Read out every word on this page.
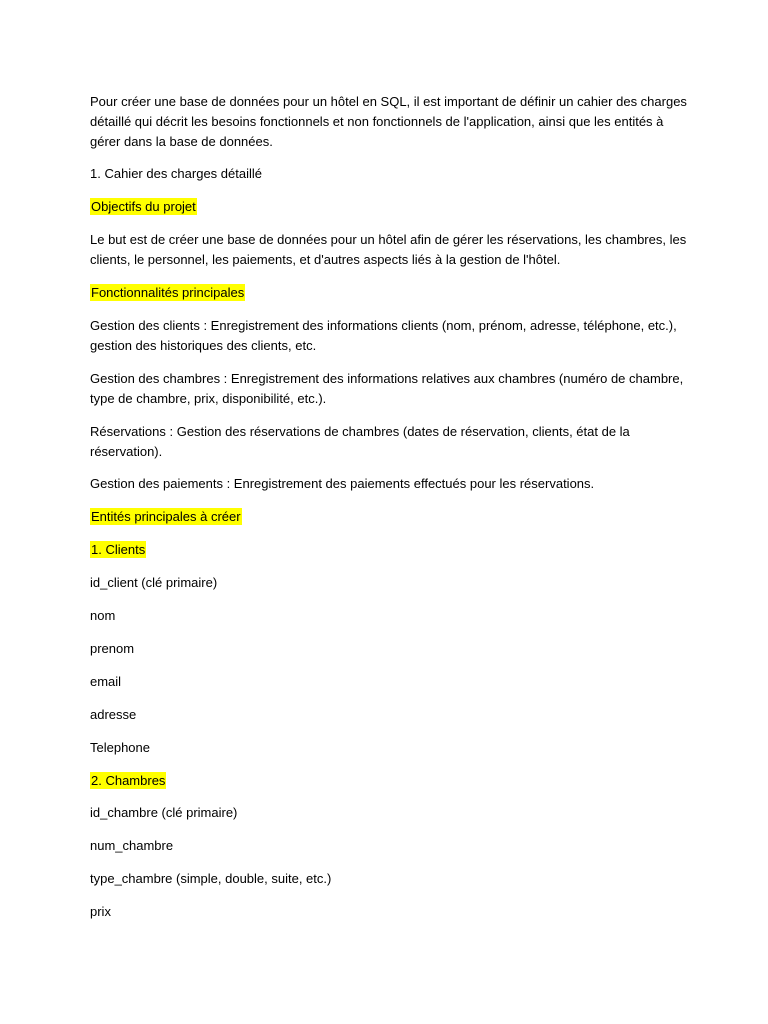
Pour créer une base de données pour un hôtel en SQL, il est important de définir un cahier des charges détaillé qui décrit les besoins fonctionnels et non fonctionnels de l'application, ainsi que les entités à gérer dans la base de données.

1. Cahier des charges détaillé

Objectifs du projet

Le but est de créer une base de données pour un hôtel afin de gérer les réservations, les chambres, les clients, le personnel, les paiements, et d'autres aspects liés à la gestion de l'hôtel.

Fonctionnalités principales

Gestion des clients : Enregistrement des informations clients (nom, prénom, adresse, téléphone, etc.), gestion des historiques des clients, etc.

Gestion des chambres : Enregistrement des informations relatives aux chambres (numéro de chambre, type de chambre, prix, disponibilité, etc.).

Réservations : Gestion des réservations de chambres (dates de réservation, clients, état de la réservation).

Gestion des paiements : Enregistrement des paiements effectués pour les réservations.

Entités principales à créer

1. Clients

id_client (clé primaire)

nom

prenom

email

adresse

Telephone

2. Chambres

id_chambre (clé primaire)

num_chambre

type_chambre (simple, double, suite, etc.)

prix
